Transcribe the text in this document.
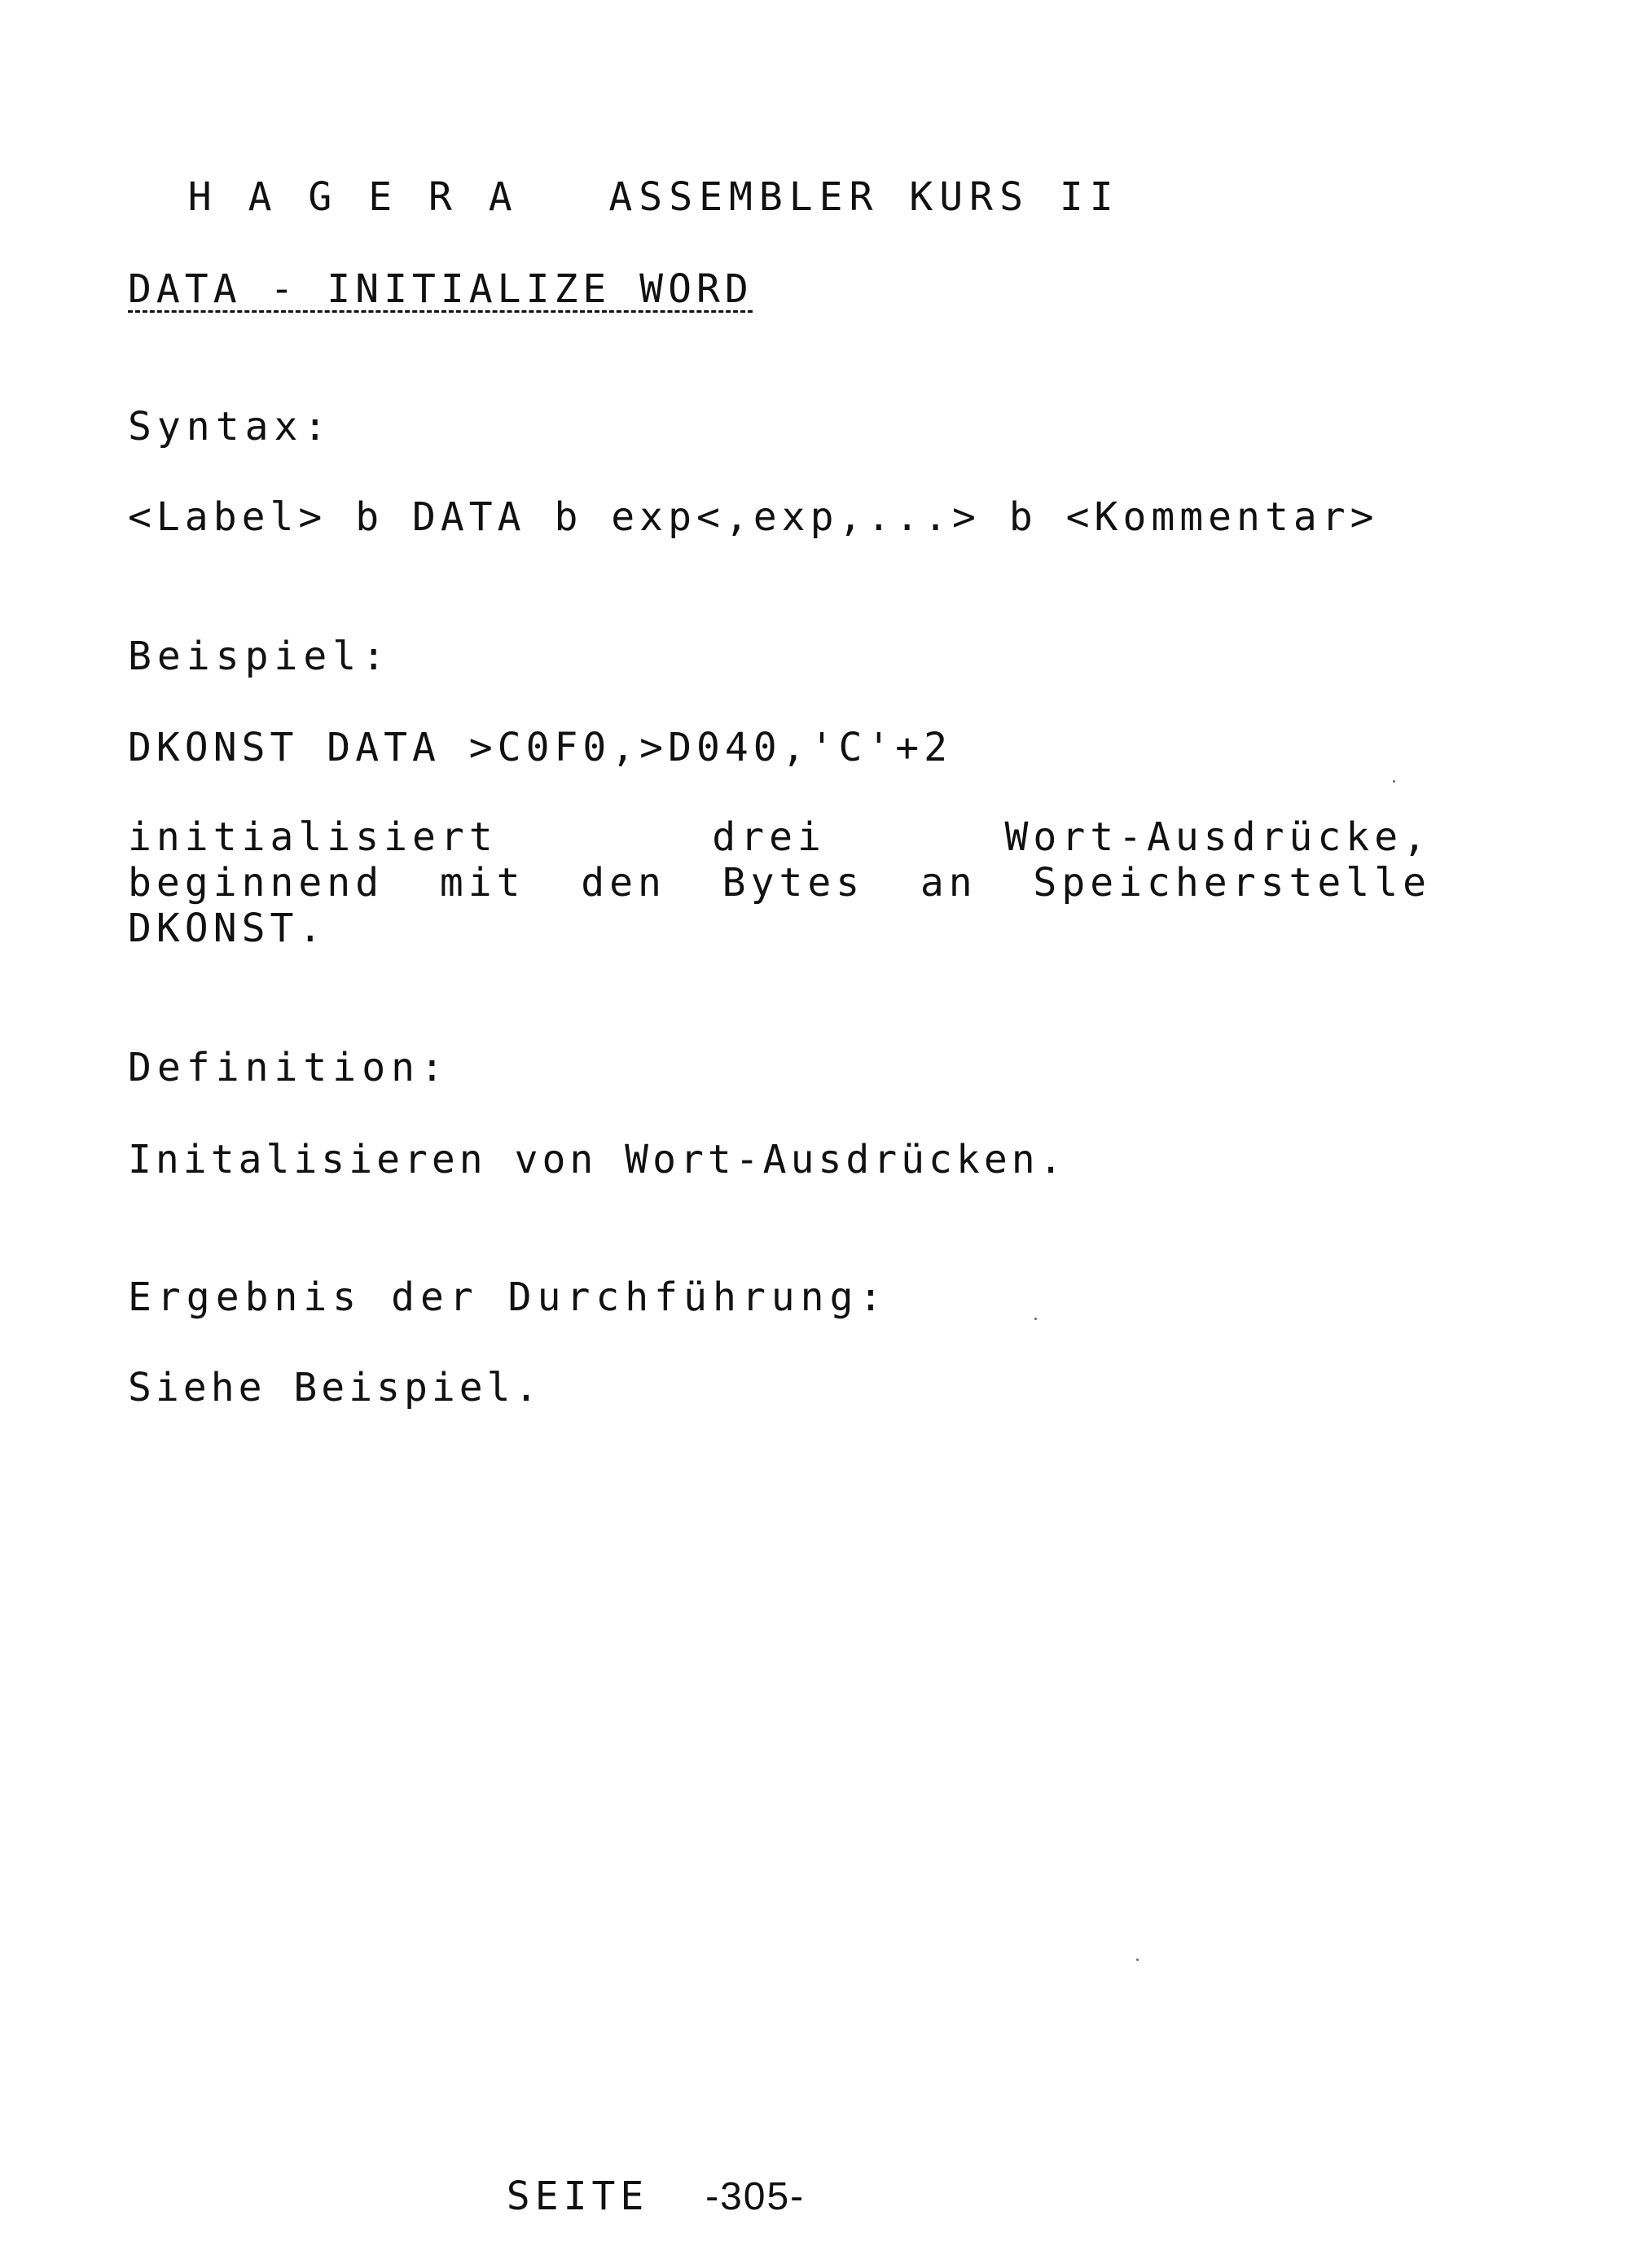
H A G E R A ASSEMBLER KURS II

DATA - INITIALIZE WORD
Syntax:
<Label> b DATA b exp<,exp,...> b <Kommentar>
Beispiel:
DKONST DATA >C0F0,>D040,'C'+2
initialisiert      drei     Wort-Ausdrücke, beginnend mit den Bytes an Speicherstelle DKONST.
Definition:
Initalisieren von Wort-Ausdrücken.
Ergebnis der Durchführung:
Siehe Beispiel.

SEITE -305-
